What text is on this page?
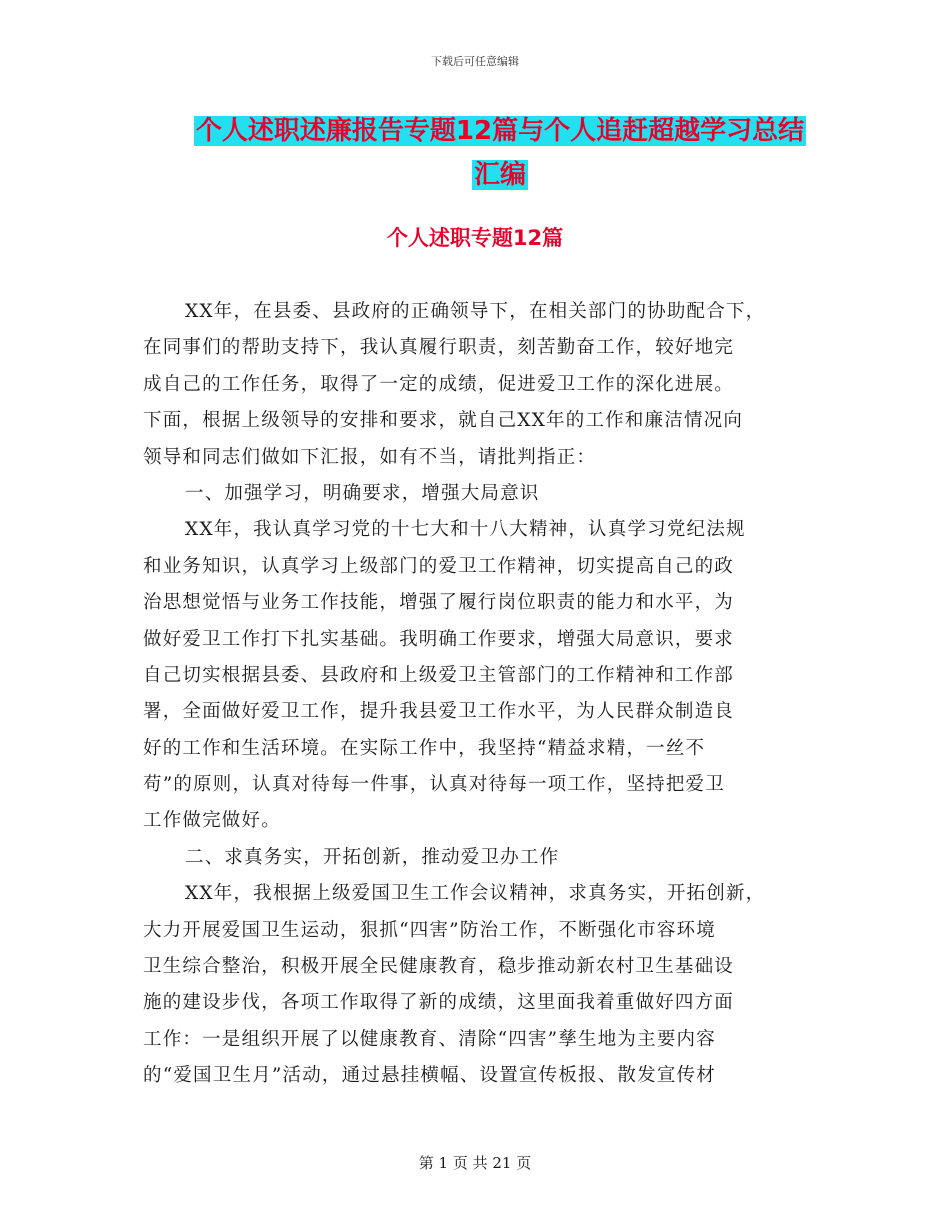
下载后可任意编辑
个人述职述廉报告专题12篇与个人追赶超越学习总结
汇编
个人述职专题12篇
XX年，在县委、县政府的正确领导下，在相关部门的协助配合下，
在同事们的帮助支持下，我认真履行职责，刻苦勤奋工作，较好地完
成自己的工作任务，取得了一定的成绩，促进爱卫工作的深化进展。
下面，根据上级领导的安排和要求，就自己XX年的工作和廉洁情况向
领导和同志们做如下汇报，如有不当，请批判指正：
一、加强学习，明确要求，增强大局意识
XX年，我认真学习党的十七大和十八大精神，认真学习党纪法规
和业务知识，认真学习上级部门的爱卫工作精神，切实提高自己的政
治思想觉悟与业务工作技能，增强了履行岗位职责的能力和水平，为
做好爱卫工作打下扎实基础。我明确工作要求，增强大局意识，要求
自己切实根据县委、县政府和上级爱卫主管部门的工作精神和工作部
署，全面做好爱卫工作，提升我县爱卫工作水平，为人民群众制造良
好的工作和生活环境。在实际工作中，我坚持“精益求精，一丝不
苟”的原则，认真对待每一件事，认真对待每一项工作，坚持把爱卫
工作做完做好。
二、求真务实，开拓创新，推动爱卫办工作
XX年，我根据上级爱国卫生工作会议精神，求真务实，开拓创新，
大力开展爱国卫生运动，狠抓“四害”防治工作，不断强化市容环境
卫生综合整治，积极开展全民健康教育，稳步推动新农村卫生基础设
施的建设步伐，各项工作取得了新的成绩，这里面我着重做好四方面
工作：一是组织开展了以健康教育、清除“四害”孳生地为主要内容
的“爱国卫生月”活动，通过悬挂横幅、设置宣传板报、散发宣传材
第 1 页 共 21 页
